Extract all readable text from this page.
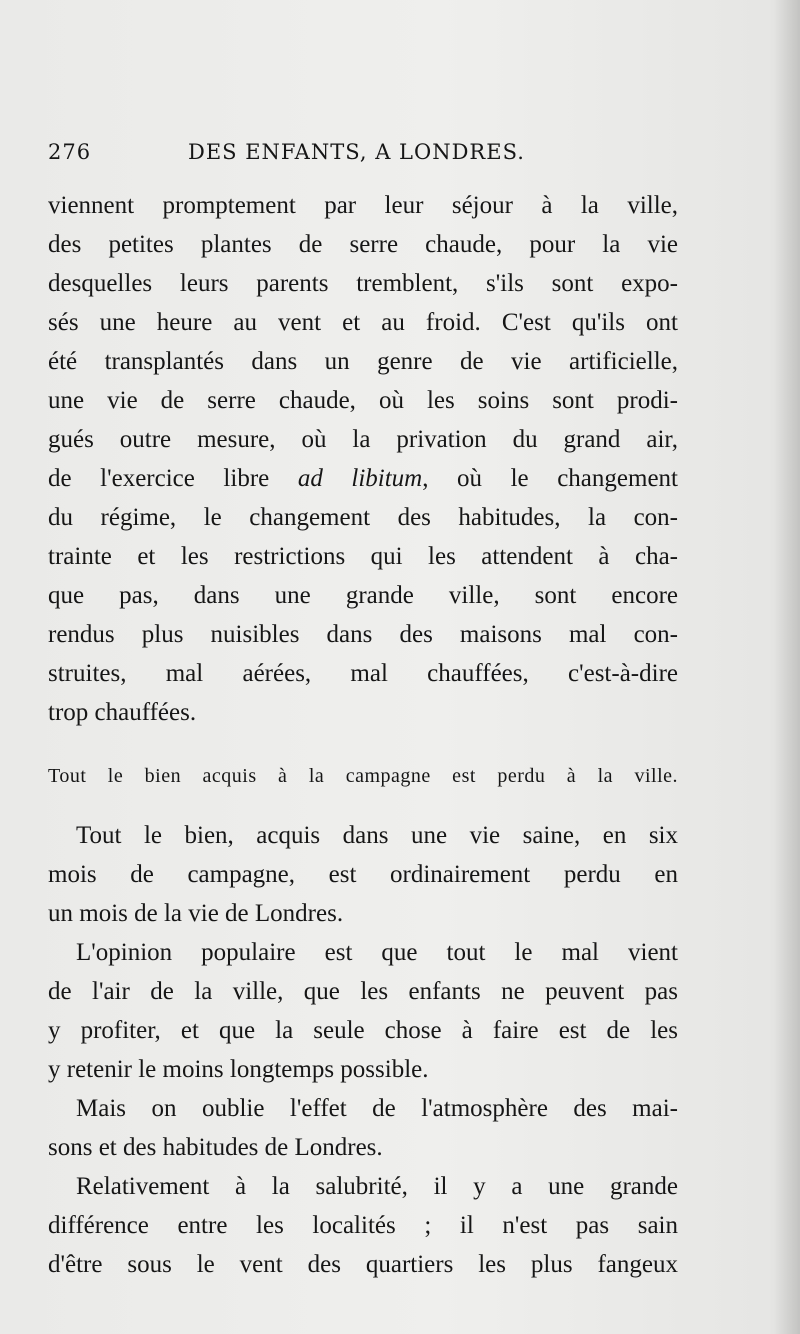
276	DES ENFANTS, A LONDRES.
viennent promptement par leur séjour à la ville,
des petites plantes de serre chaude, pour la vie
desquelles leurs parents tremblent, s'ils sont expo-
sés une heure au vent et au froid. C'est qu'ils ont
été transplantés dans un genre de vie artificielle,
une vie de serre chaude, où les soins sont prodi-
gués outre mesure, où la privation du grand air,
de l'exercice libre ad libitum, où le changement
du régime, le changement des habitudes, la con-
trainte et les restrictions qui les attendent à cha-
que pas, dans une grande ville, sont encore
rendus plus nuisibles dans des maisons mal con-
struites, mal aérées, mal chauffées, c'est-à-dire
trop chauffées.
Tout le bien acquis à la campagne est perdu à la ville.
Tout le bien, acquis dans une vie saine, en six
mois de campagne, est ordinairement perdu en
un mois de la vie de Londres.
L'opinion populaire est que tout le mal vient
de l'air de la ville, que les enfants ne peuvent pas
y profiter, et que la seule chose à faire est de les
y retenir le moins longtemps possible.
Mais on oublie l'effet de l'atmosphère des mai-
sons et des habitudes de Londres.
Relativement à la salubrité, il y a une grande
différence entre les localités ; il n'est pas sain
d'être sous le vent des quartiers les plus fangeux
